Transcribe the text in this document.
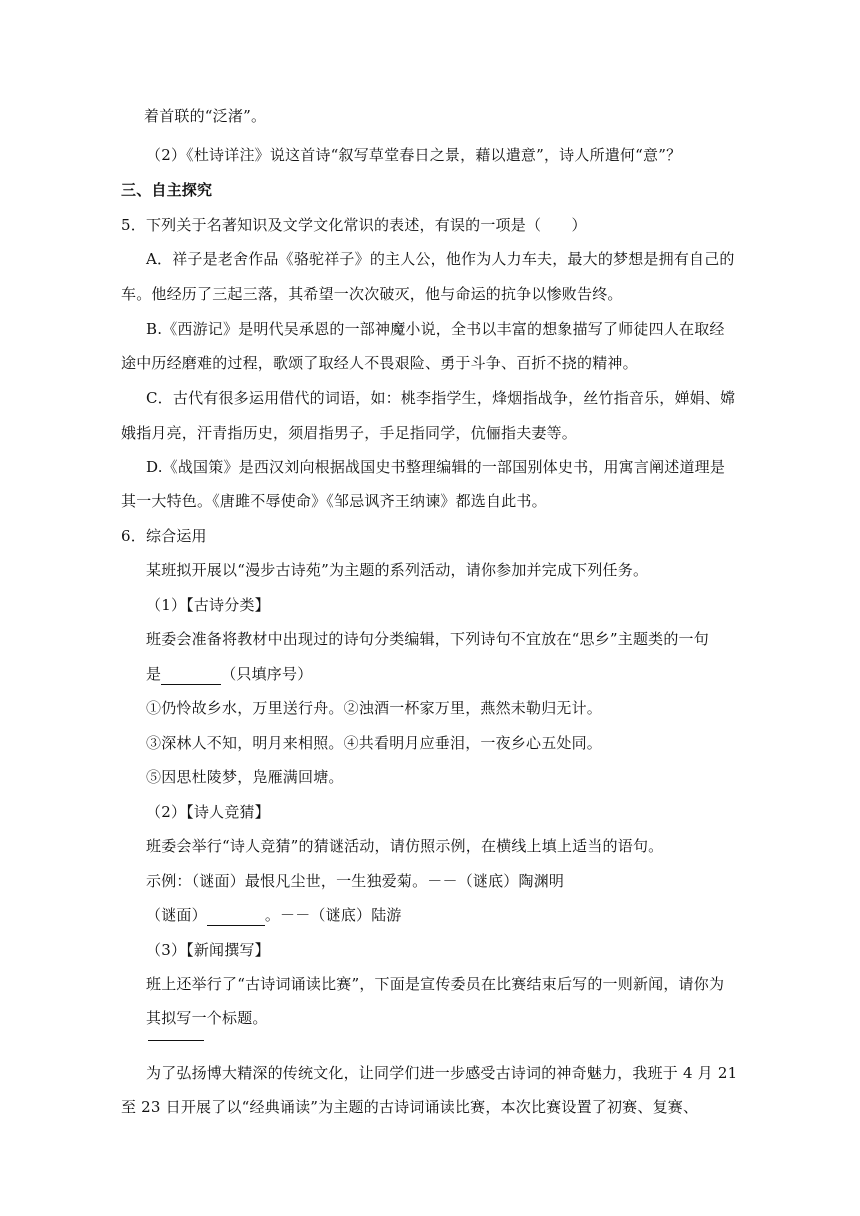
着首联的“泛渚”。
（2）《杜诗详注》说这首诗“叙写草堂春日之景，藉以遣意”，诗人所遣何“意”？
三、自主探究
5．下列关于名著知识及文学文化常识的表述，有误的一项是（　　）
A．祥子是老舍作品《骆驼祥子》的主人公，他作为人力车夫，最大的梦想是拥有自己的
车。他经历了三起三落，其希望一次次破灭，他与命运的抗争以惨败告终。
B.《西游记》是明代吴承恩的一部神魔小说，全书以丰富的想象描写了师徒四人在取经
途中历经磨难的过程，歌颂了取经人不畏艰险、勇于斗争、百折不挠的精神。
C．古代有很多运用借代的词语，如：桃李指学生，烽烟指战争，丝竹指音乐，婵娟、嫦
娥指月亮，汗青指历史，须眉指男子，手足指同学，伉俪指夫妻等。
D.《战国策》是西汉刘向根据战国史书整理编辑的一部国别体史书，用寓言阐述道理是
其一大特色。《唐雎不辱使命》《邹忌讽齐王纳谏》都选自此书。
6．综合运用
某班拟开展以“漫步古诗苑”为主题的系列活动，请你参加并完成下列任务。
（1）【古诗分类】
班委会准备将教材中出现过的诗句分类编辑，下列诗句不宜放在“思乡”主题类的一句
是	（只填序号）
①仍怜故乡水，万里送行舟。②浊酒一杯家万里，燕然未勒归无计。
③深林人不知，明月来相照。④共看明月应垂泪，一夜乡心五处同。
⑤因思杜陵梦，凫雁满回塘。
（2）【诗人竞猜】
班委会举行“诗人竞猜”的猜谜活动，请仿照示例，在横线上填上适当的语句。
示例：（谜面）最恨凡尘世，一生独爱菊。－－（谜底）陶渊明
（谜面）	。－－（谜底）陆游
（3）【新闻撰写】
班上还举行了“古诗词诵读比赛”，下面是宣传委员在比赛结束后写的一则新闻，请你为
其拟写一个标题。
为了弘扬博大精深的传统文化，让同学们进一步感受古诗词的神奇魅力，我班于 4 月 21
至 23 日开展了以“经典诵读”为主题的古诗词诵读比赛，本次比赛设置了初赛、复赛、
